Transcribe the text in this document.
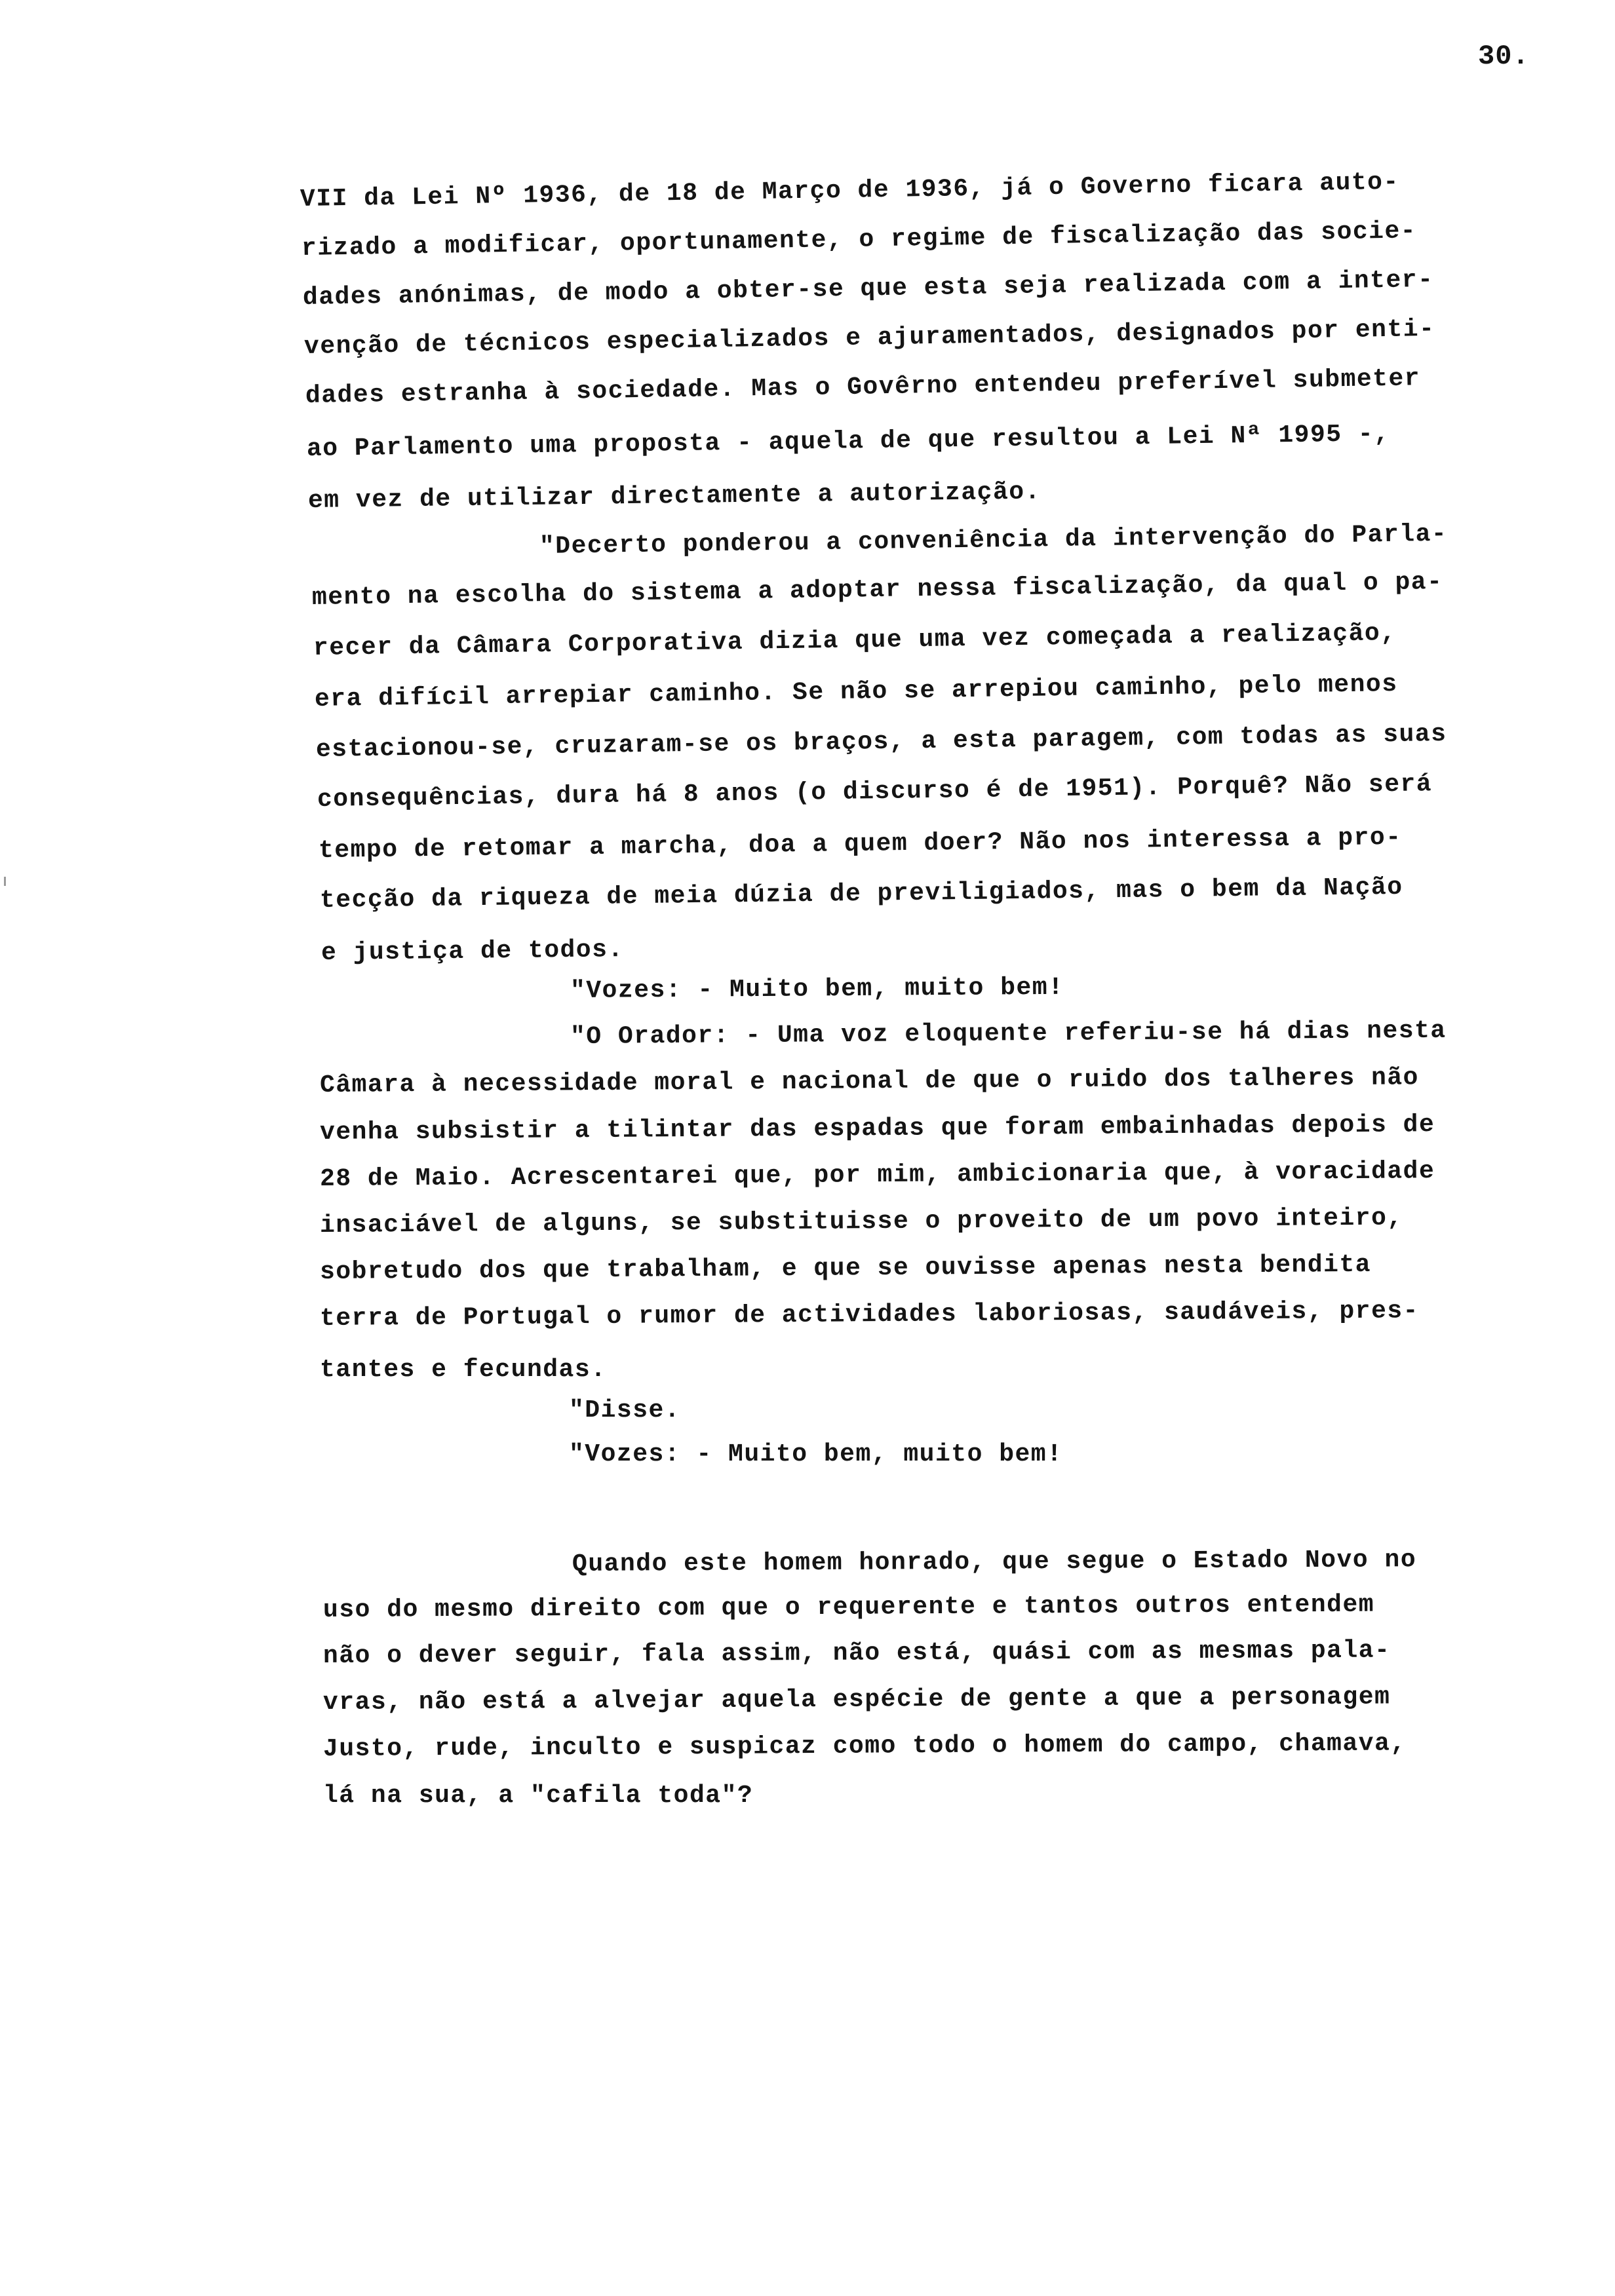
30.
VII da Lei Nº 1936, de 18 de Março de 1936, já o Governo ficara auto-
rizado a modificar, oportunamente, o regime de fiscalização das socie-
dades anónimas, de modo a obter-se que esta seja realizada com a inter-
venção de técnicos especializados e ajuramentados, designados por enti-
dades estranha à sociedade. Mas o Govêrno entendeu preferível submeter
ao Parlamento uma proposta - aquela de que resultou a Lei Nª 1995 -,
em vez de utilizar directamente a autorização.
"Decerto ponderou a conveniência da intervenção do Parla-
mento na escolha do sistema a adoptar nessa fiscalização, da qual o pa-
recer da Câmara Corporativa dizia que uma vez começada a realização,
era difícil arrepiar caminho. Se não se arrepiou caminho, pelo menos
estacionou-se, cruzaram-se os braços, a esta paragem, com todas as suas
consequências, dura há 8 anos (o discurso é de 1951). Porquê? Não será
tempo de retomar a marcha, doa a quem doer? Não nos interessa a pro-
tecção da riqueza de meia dúzia de previligiados, mas o bem da Nação
e justiça de todos.
"Vozes: - Muito bem, muito bem!
"O Orador: - Uma voz eloquente referiu-se há dias nesta
Câmara à necessidade moral e nacional de que o ruido dos talheres não
venha subsistir a tilintar das espadas que foram embainhadas depois de
28 de Maio. Acrescentarei que, por mim, ambicionaria que, à voracidade
insaciável de alguns, se substituisse o proveito de um povo inteiro,
sobretudo dos que trabalham, e que se ouvisse apenas nesta bendita
terra de Portugal o rumor de actividades laboriosas, saudáveis, pres-
tantes e fecundas.
"Disse.
"Vozes: - Muito bem, muito bem!
Quando este homem honrado, que segue o Estado Novo no
uso do mesmo direito com que o requerente e tantos outros entendem
não o dever seguir, fala assim, não está, quási com as mesmas pala-
vras, não está a alvejar aquela espécie de gente a que a personagem
Justo, rude, inculto e suspicaz como todo o homem do campo, chamava,
lá na sua, a "cafila toda"?
